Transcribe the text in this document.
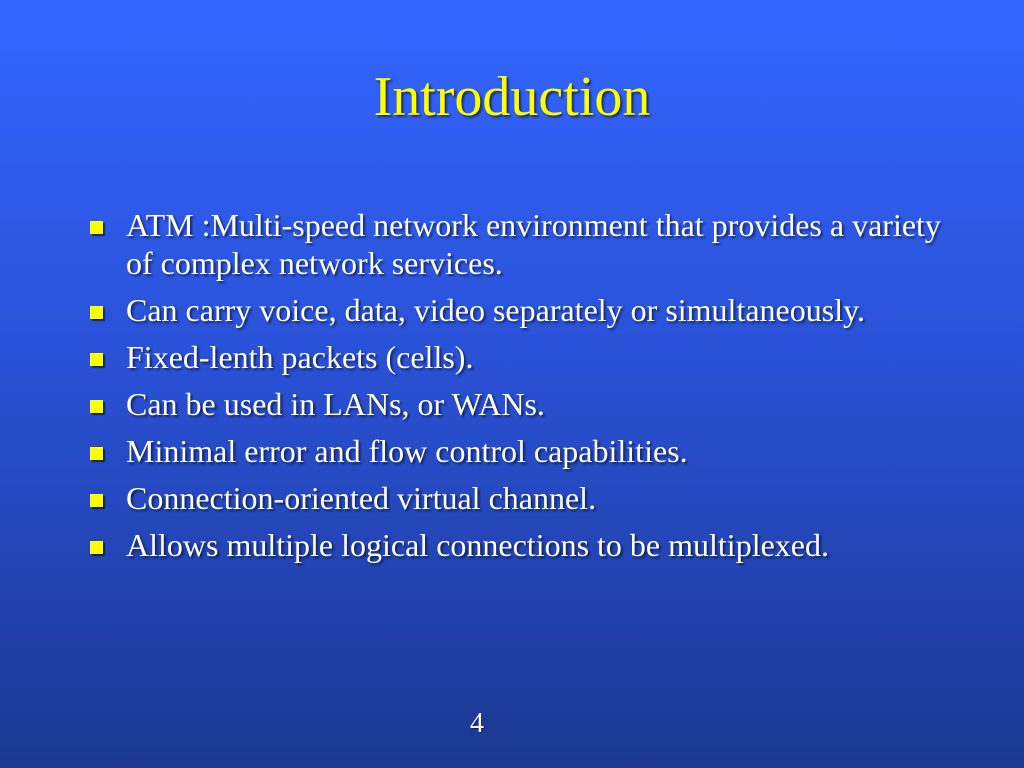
Introduction
ATM :Multi-speed network environment that provides a variety of complex network services.
Can carry voice, data, video separately or simultaneously.
Fixed-lenth packets (cells).
Can be used in LANs, or WANs.
Minimal error and flow control capabilities.
Connection-oriented virtual channel.
Allows multiple logical connections to be multiplexed.
4
